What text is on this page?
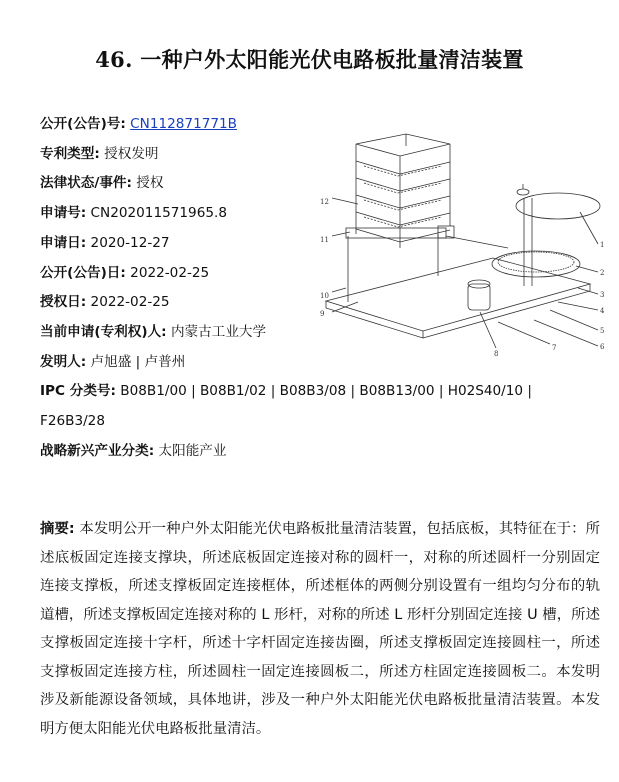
46. 一种户外太阳能光伏电路板批量清洁装置
公开(公告)号: CN112871771B
专利类型: 授权发明
法律状态/事件: 授权
申请号: CN202011571965.8
申请日: 2020-12-27
公开(公告)日: 2022-02-25
授权日: 2022-02-25
当前申请(专利权)人: 内蒙古工业大学
发明人: 卢旭盛 | 卢普州
IPC 分类号: B08B1/00 | B08B1/02 | B08B3/08 | B08B13/00 | H02S40/10 | F26B3/28
战略新兴产业分类: 太阳能产业
12
11
10
9
1
2
3
4
5
6
7
8
摘要: 本发明公开一种户外太阳能光伏电路板批量清洁装置，包括底板，其特征在于：所述底板固定连接支撑块，所述底板固定连接对称的圆杆一，对称的所述圆杆一分别固定连接支撑板，所述支撑板固定连接框体，所述框体的两侧分别设置有一组均匀分布的轨道槽，所述支撑板固定连接对称的 L 形杆，对称的所述 L 形杆分别固定连接 U 槽，所述支撑板固定连接十字杆，所述十字杆固定连接齿圈，所述支撑板固定连接圆柱一，所述支撑板固定连接方柱，所述圆柱一固定连接圆板二，所述方柱固定连接圆板二。本发明涉及新能源设备领域，具体地讲，涉及一种户外太阳能光伏电路板批量清洁装置。本发明方便太阳能光伏电路板批量清洁。
